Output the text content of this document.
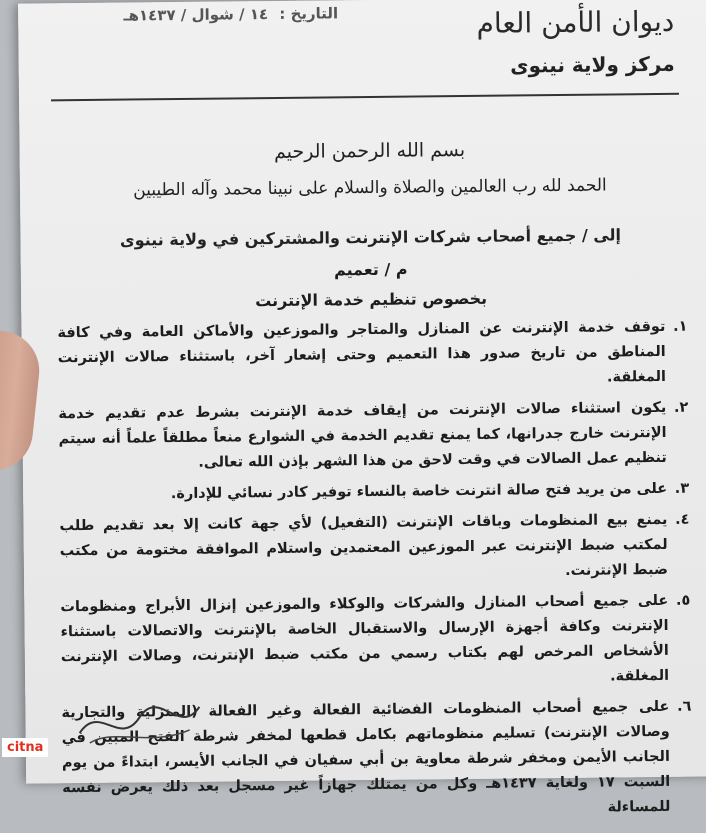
ديوان الأمن العام

مركز ولاية نينوى
التاريخ : ١٤ / شوال / ١٤٣٧هـ
بسم الله الرحمن الرحيم
الحمد لله رب العالمين والصلاة والسلام على نبينا محمد وآله الطيبين
إلى / جميع أصحاب شركات الإنترنت والمشتركين في ولاية نينوى
م / تعميم
بخصوص تنظيم خدمة الإنترنت
١.
توقف خدمة الإنترنت عن المنازل والمتاجر والموزعين والأماكن العامة وفي كافة المناطق من تاريخ صدور هذا التعميم وحتى إشعار آخر، باستثناء صالات الإنترنت المغلقة.
٢.
يكون استثناء صالات الإنترنت من إيقاف خدمة الإنترنت بشرط عدم تقديم خدمة الإنترنت خارج جدرانها، كما يمنع تقديم الخدمة في الشوارع منعاً مطلقاً علماً أنه سيتم تنظيم عمل الصالات في وقت لاحق من هذا الشهر بإذن الله تعالى.
٣.
على من يريد فتح صالة انترنت خاصة بالنساء توفير كادر نسائي للإدارة.
٤.
يمنع بيع المنظومات وباقات الإنترنت (التفعيل) لأي جهة كانت إلا بعد تقديم طلب لمكتب ضبط الإنترنت عبر الموزعين المعتمدين واستلام الموافقة مختومة من مكتب ضبط الإنترنت.
٥.
على جميع أصحاب المنازل والشركات والوكلاء والموزعين إنزال الأبراج ومنظومات الإنترنت وكافة أجهزة الإرسال والاستقبال الخاصة بالإنترنت والاتصالات باستثناء الأشخاص المرخص لهم بكتاب رسمي من مكتب ضبط الإنترنت، وصالات الإنترنت المغلقة.
٦.
على جميع أصحاب المنظومات الفضائية الفعالة وغير الفعالة (المنزلية والتجارية وصالات الإنترنت) تسليم منظوماتهم بكامل قطعها لمخفر شرطة الفتح المبين في الجانب الأيمن ومخفر شرطة معاوية بن أبي سفيان في الجانب الأيسر، ابتداءً من يوم السبت ١٧ ولغاية ١٤٣٧هـ وكل من يمتلك جهازاً غير مسجل بعد ذلك يعرض نفسه للمساءلة
citna
